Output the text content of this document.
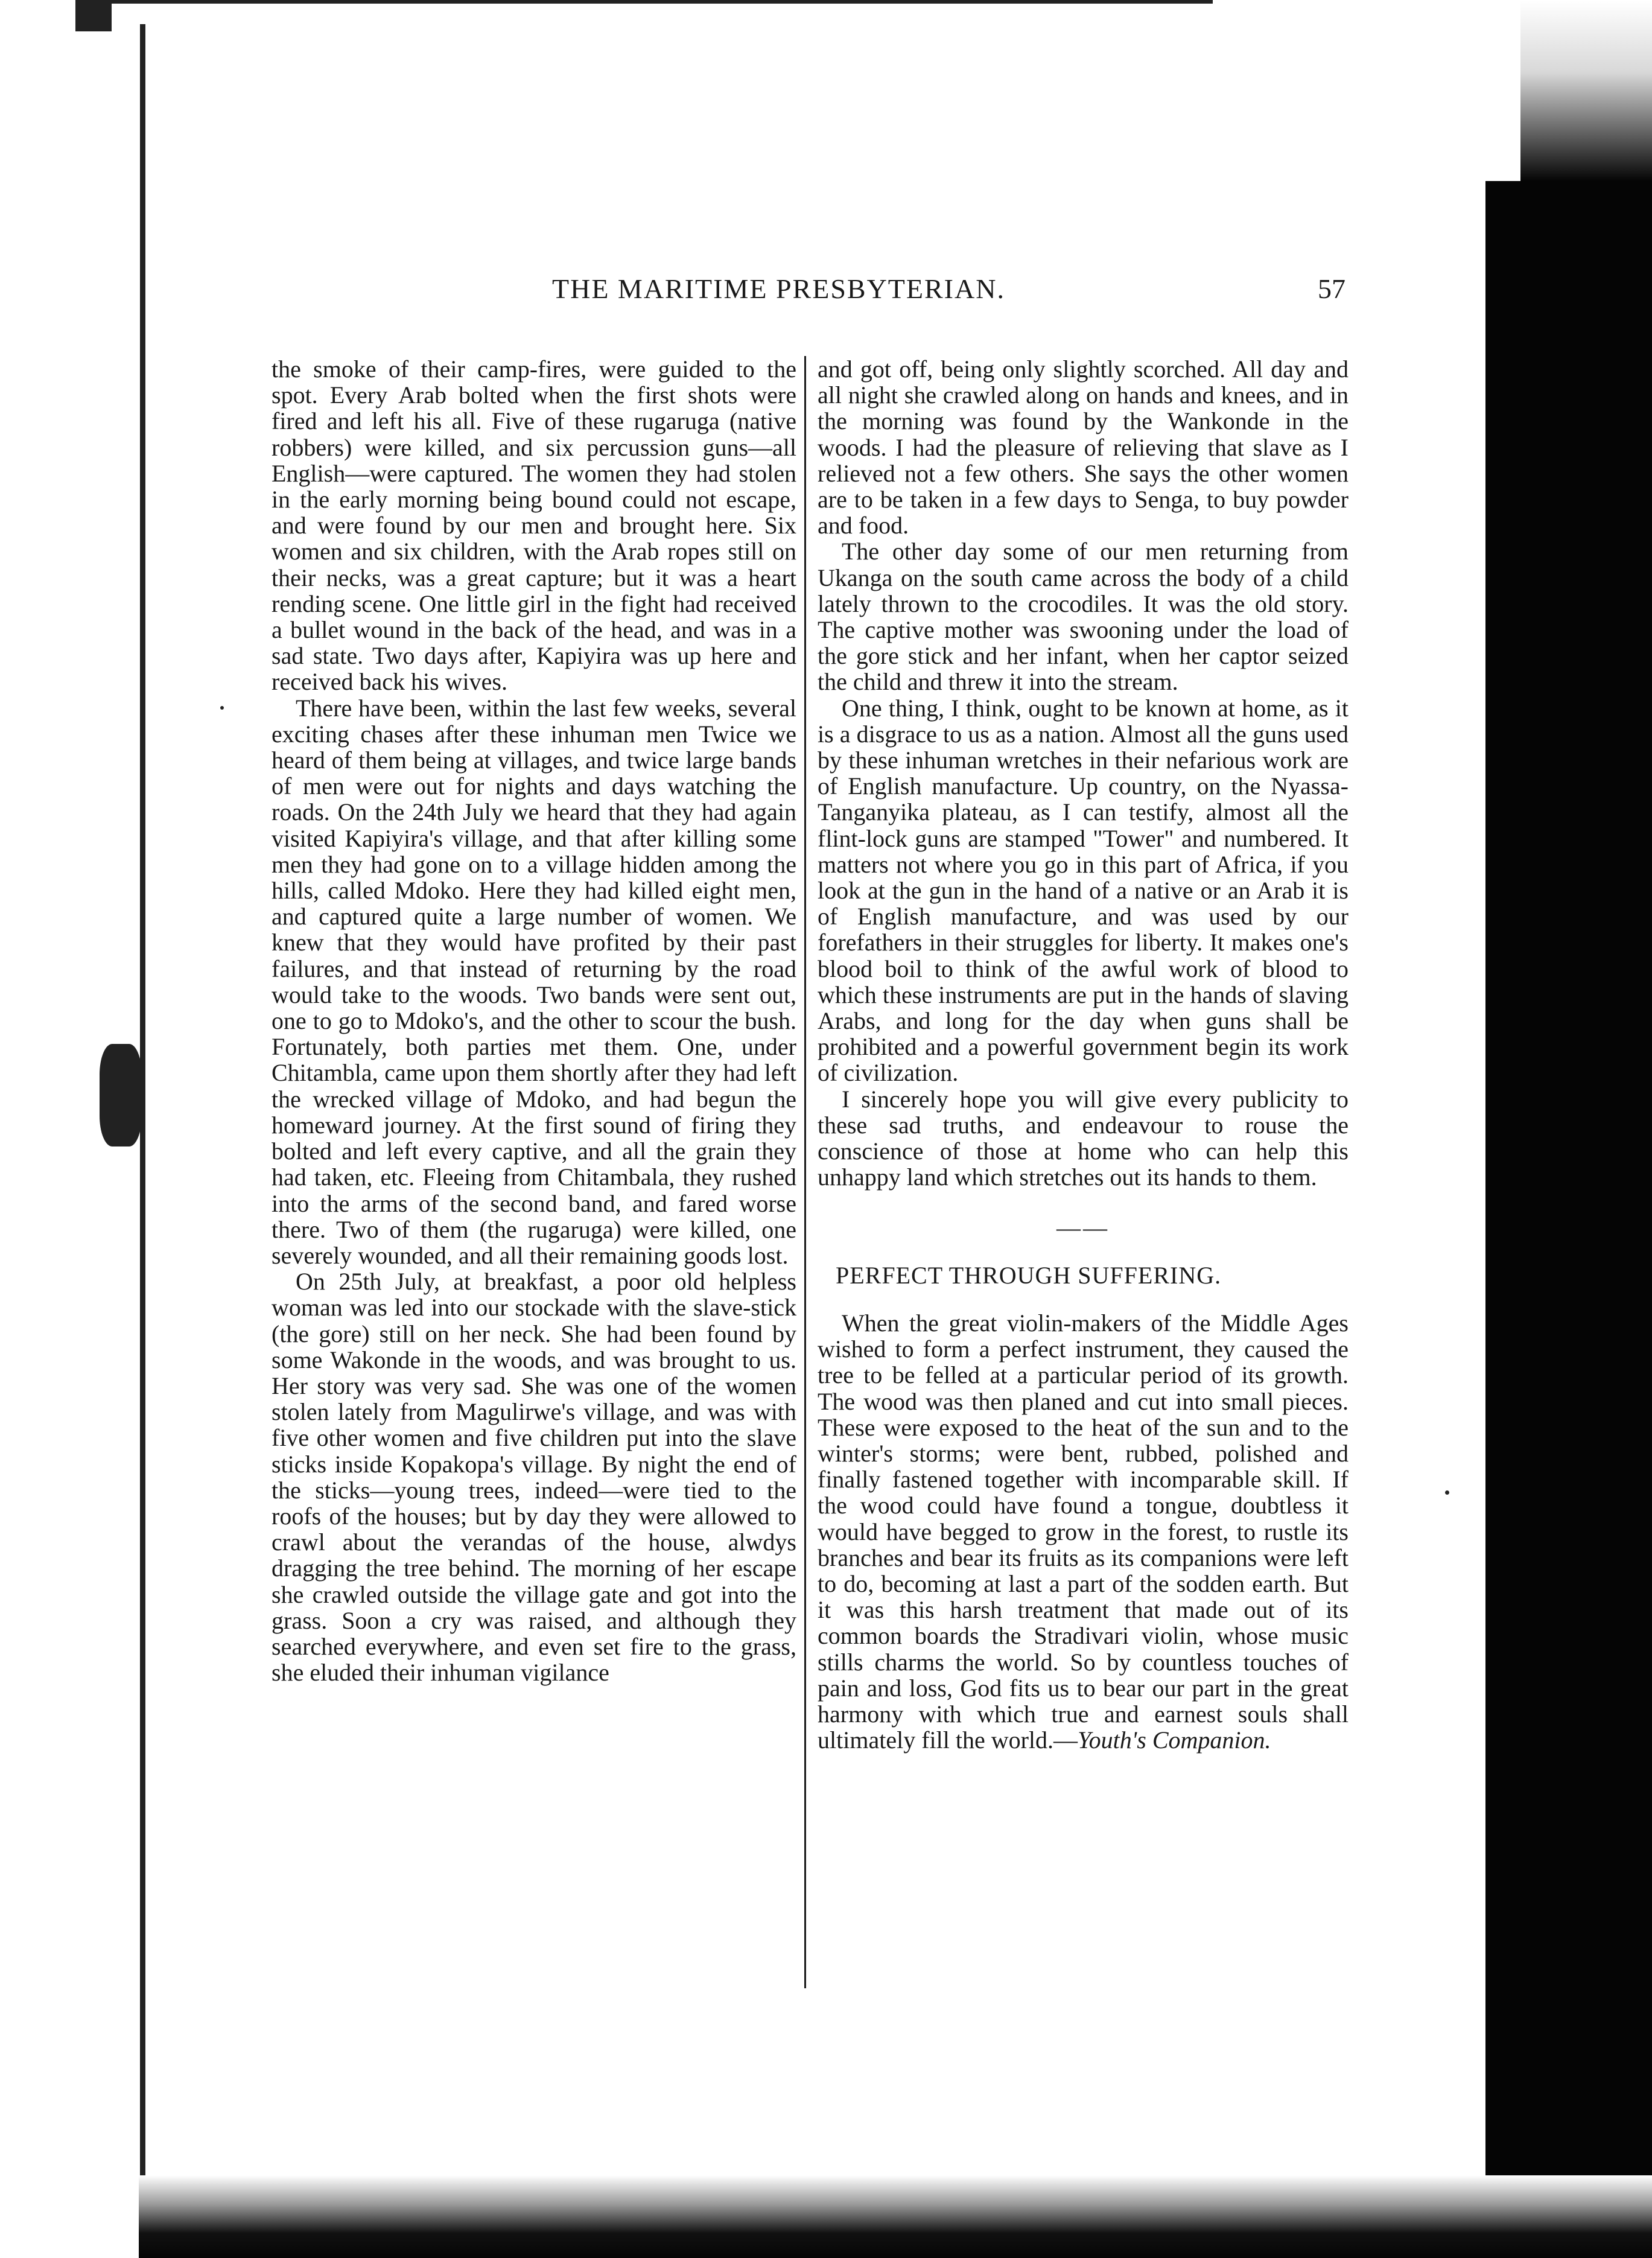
THE MARITIME PRESBYTERIAN.	57

the smoke of their camp-fires, were guided to the spot. Every Arab bolted when the first shots were fired and left his all. Five of these rugaruga (native robbers) were killed, and six percussion guns—all English—were captured. The women they had stolen in the early morning being bound could not escape, and were found by our men and brought here. Six women and six children, with the Arab ropes still on their necks, was a great capture; but it was a heart rending scene. One little girl in the fight had received a bullet wound in the back of the head, and was in a sad state. Two days after, Kapiyira was up here and received back his wives.

There have been, within the last few weeks, several exciting chases after these inhuman men Twice we heard of them being at villages, and twice large bands of men were out for nights and days watching the roads. On the 24th July we heard that they had again visited Kapiyira's village, and that after killing some men they had gone on to a village hidden among the hills, called Mdoko. Here they had killed eight men, and captured quite a large number of women. We knew that they would have profited by their past failures, and that instead of returning by the road would take to the woods. Two bands were sent out, one to go to Mdoko's, and the other to scour the bush. Fortunately, both parties met them. One, under Chitambla, came upon them shortly after they had left the wrecked village of Mdoko, and had begun the homeward journey. At the first sound of firing they bolted and left every captive, and all the grain they had taken, etc. Fleeing from Chitambala, they rushed into the arms of the second band, and fared worse there. Two of them (the rugaruga) were killed, one severely wounded, and all their remaining goods lost.

On 25th July, at breakfast, a poor old helpless woman was led into our stockade with the slave-stick (the gore) still on her neck. She had been found by some Wakonde in the woods, and was brought to us. Her story was very sad. She was one of the women stolen lately from Magulirwe's village, and was with five other women and five children put into the slave sticks inside Kopakopa's village. By night the end of the sticks—young trees, indeed—were tied to the roofs of the houses; but by day they were allowed to crawl about the verandas of the house, alwdys dragging the tree behind. The morning of her escape she crawled outside the village gate and got into the grass. Soon a cry was raised, and although they searched everywhere, and even set fire to the grass, she eluded their inhuman vigilance

and got off, being only slightly scorched. All day and all night she crawled along on hands and knees, and in the morning was found by the Wankonde in the woods. I had the pleasure of relieving that slave as I relieved not a few others. She says the other women are to be taken in a few days to Senga, to buy powder and food.

The other day some of our men returning from Ukanga on the south came across the body of a child lately thrown to the crocodiles. It was the old story. The captive mother was swooning under the load of the gore stick and her infant, when her captor seized the child and threw it into the stream.

One thing, I think, ought to be known at home, as it is a disgrace to us as a nation. Almost all the guns used by these inhuman wretches in their nefarious work are of English manufacture. Up country, on the Nyassa-Tanganyika plateau, as I can testify, almost all the flint-lock guns are stamped "Tower" and numbered. It matters not where you go in this part of Africa, if you look at the gun in the hand of a native or an Arab it is of English manufacture, and was used by our forefathers in their struggles for liberty. It makes one's blood boil to think of the awful work of blood to which these instruments are put in the hands of slaving Arabs, and long for the day when guns shall be prohibited and a powerful government begin its work of civilization.

I sincerely hope you will give every publicity to these sad truths, and endeavour to rouse the conscience of those at home who can help this unhappy land which stretches out its hands to them.

——
PERFECT THROUGH SUFFERING.

When the great violin-makers of the Middle Ages wished to form a perfect instrument, they caused the tree to be felled at a particular period of its growth. The wood was then planed and cut into small pieces. These were exposed to the heat of the sun and to the winter's storms; were bent, rubbed, polished and finally fastened together with incomparable skill. If the wood could have found a tongue, doubtless it would have begged to grow in the forest, to rustle its branches and bear its fruits as its companions were left to do, becoming at last a part of the sodden earth. But it was this harsh treatment that made out of its common boards the Stradivari violin, whose music stills charms the world. So by countless touches of pain and loss, God fits us to bear our part in the great harmony with which true and earnest souls shall ultimately fill the world.—Youth's Companion.
